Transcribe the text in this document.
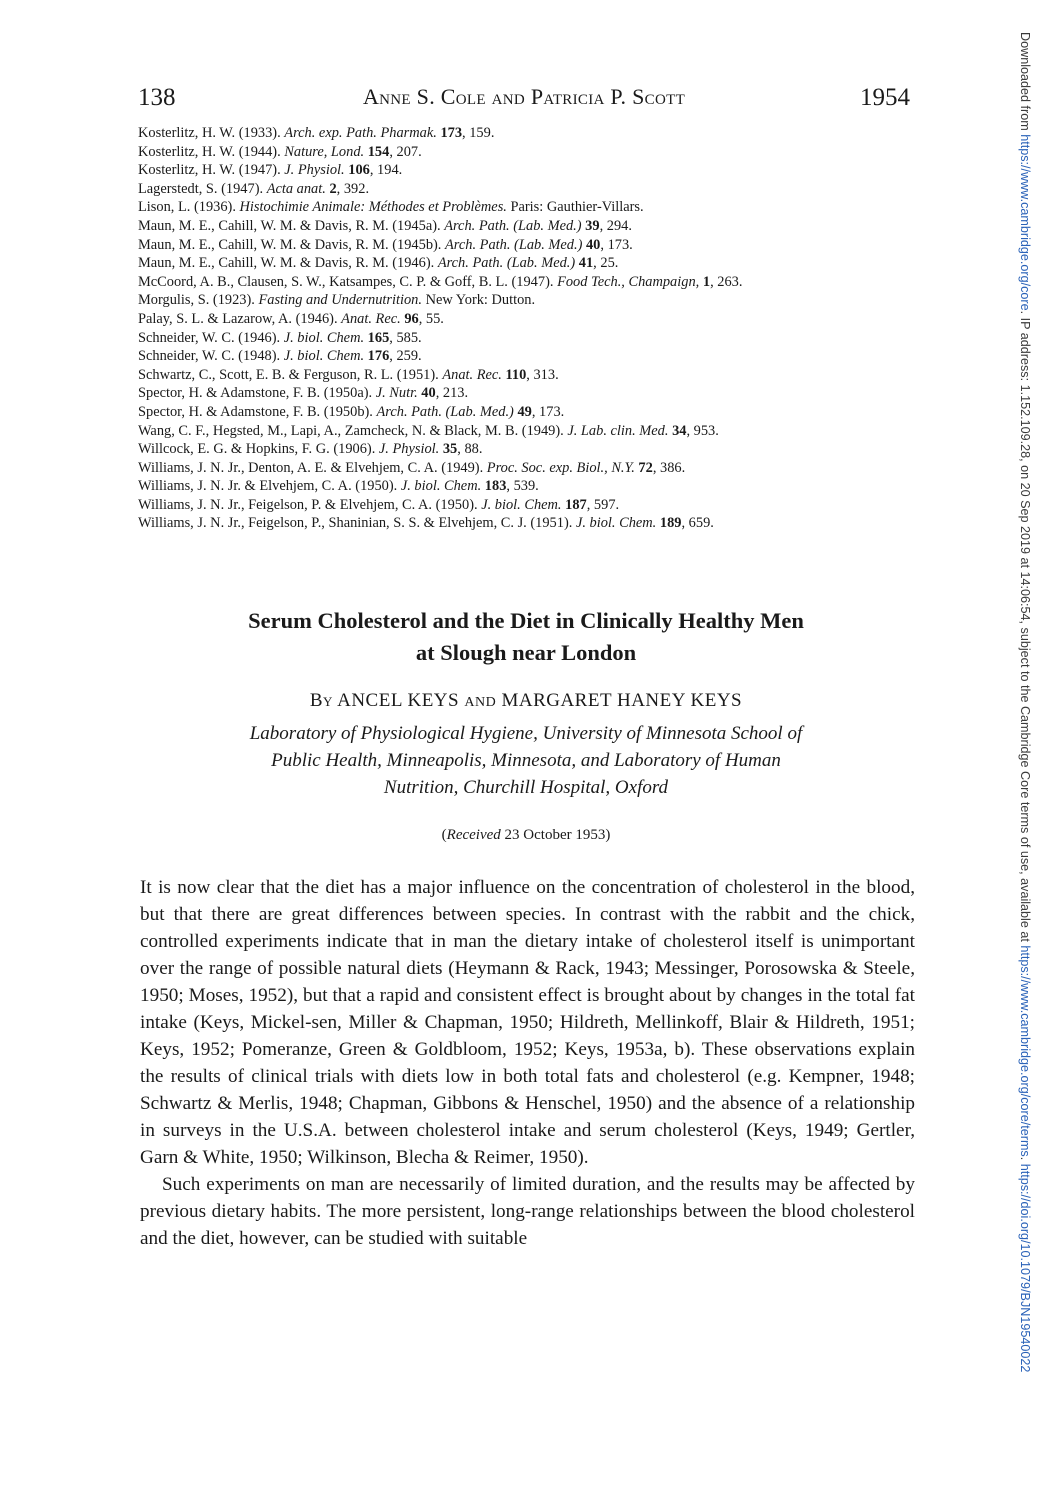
138	Anne S. Cole and Patricia P. Scott	1954
Kosterlitz, H. W. (1933). Arch. exp. Path. Pharmak. 173, 159.
Kosterlitz, H. W. (1944). Nature, Lond. 154, 207.
Kosterlitz, H. W. (1947). J. Physiol. 106, 194.
Lagerstedt, S. (1947). Acta anat. 2, 392.
Lison, L. (1936). Histochimie Animale: Méthodes et Problèmes. Paris: Gauthier-Villars.
Maun, M. E., Cahill, W. M. & Davis, R. M. (1945a). Arch. Path. (Lab. Med.) 39, 294.
Maun, M. E., Cahill, W. M. & Davis, R. M. (1945b). Arch. Path. (Lab. Med.) 40, 173.
Maun, M. E., Cahill, W. M. & Davis, R. M. (1946). Arch. Path. (Lab. Med.) 41, 25.
McCoord, A. B., Clausen, S. W., Katsampes, C. P. & Goff, B. L. (1947). Food Tech., Champaign, 1, 263.
Morgulis, S. (1923). Fasting and Undernutrition. New York: Dutton.
Palay, S. L. & Lazarow, A. (1946). Anat. Rec. 96, 55.
Schneider, W. C. (1946). J. biol. Chem. 165, 585.
Schneider, W. C. (1948). J. biol. Chem. 176, 259.
Schwartz, C., Scott, E. B. & Ferguson, R. L. (1951). Anat. Rec. 110, 313.
Spector, H. & Adamstone, F. B. (1950a). J. Nutr. 40, 213.
Spector, H. & Adamstone, F. B. (1950b). Arch. Path. (Lab. Med.) 49, 173.
Wang, C. F., Hegsted, M., Lapi, A., Zamcheck, N. & Black, M. B. (1949). J. Lab. clin. Med. 34, 953.
Willcock, E. G. & Hopkins, F. G. (1906). J. Physiol. 35, 88.
Williams, J. N. Jr., Denton, A. E. & Elvehjem, C. A. (1949). Proc. Soc. exp. Biol., N.Y. 72, 386.
Williams, J. N. Jr. & Elvehjem, C. A. (1950). J. biol. Chem. 183, 539.
Williams, J. N. Jr., Feigelson, P. & Elvehjem, C. A. (1950). J. biol. Chem. 187, 597.
Williams, J. N. Jr., Feigelson, P., Shaninian, S. S. & Elvehjem, C. J. (1951). J. biol. Chem. 189, 659.
Serum Cholesterol and the Diet in Clinically Healthy Men
at Slough near London
By ANCEL KEYS AND MARGARET HANEY KEYS
Laboratory of Physiological Hygiene, University of Minnesota School of
Public Health, Minneapolis, Minnesota, and Laboratory of Human
Nutrition, Churchill Hospital, Oxford
(Received 23 October 1953)

It is now clear that the diet has a major influence on the concentration of cholesterol in the blood, but that there are great differences between species. In contrast with the rabbit and the chick, controlled experiments indicate that in man the dietary intake of cholesterol itself is unimportant over the range of possible natural diets (Heymann & Rack, 1943; Messinger, Porosowska & Steele, 1950; Moses, 1952), but that a rapid and consistent effect is brought about by changes in the total fat intake (Keys, Mickel-sen, Miller & Chapman, 1950; Hildreth, Mellinkoff, Blair & Hildreth, 1951; Keys, 1952; Pomeranze, Green & Goldbloom, 1952; Keys, 1953a, b). These observations explain the results of clinical trials with diets low in both total fats and cholesterol (e.g. Kempner, 1948; Schwartz & Merlis, 1948; Chapman, Gibbons & Henschel, 1950) and the absence of a relationship in surveys in the U.S.A. between cholesterol intake and serum cholesterol (Keys, 1949; Gertler, Garn & White, 1950; Wilkinson, Blecha & Reimer, 1950).

Such experiments on man are necessarily of limited duration, and the results may be affected by previous dietary habits. The more persistent, long-range relationships between the blood cholesterol and the diet, however, can be studied with suitable

Downloaded from https://www.cambridge.org/core. IP address: 1.152.109.28, on 20 Sep 2019 at 14:06:54, subject to the Cambridge Core terms of use, available at https://www.cambridge.org/core/terms. https://doi.org/10.1079/BJN19540022
